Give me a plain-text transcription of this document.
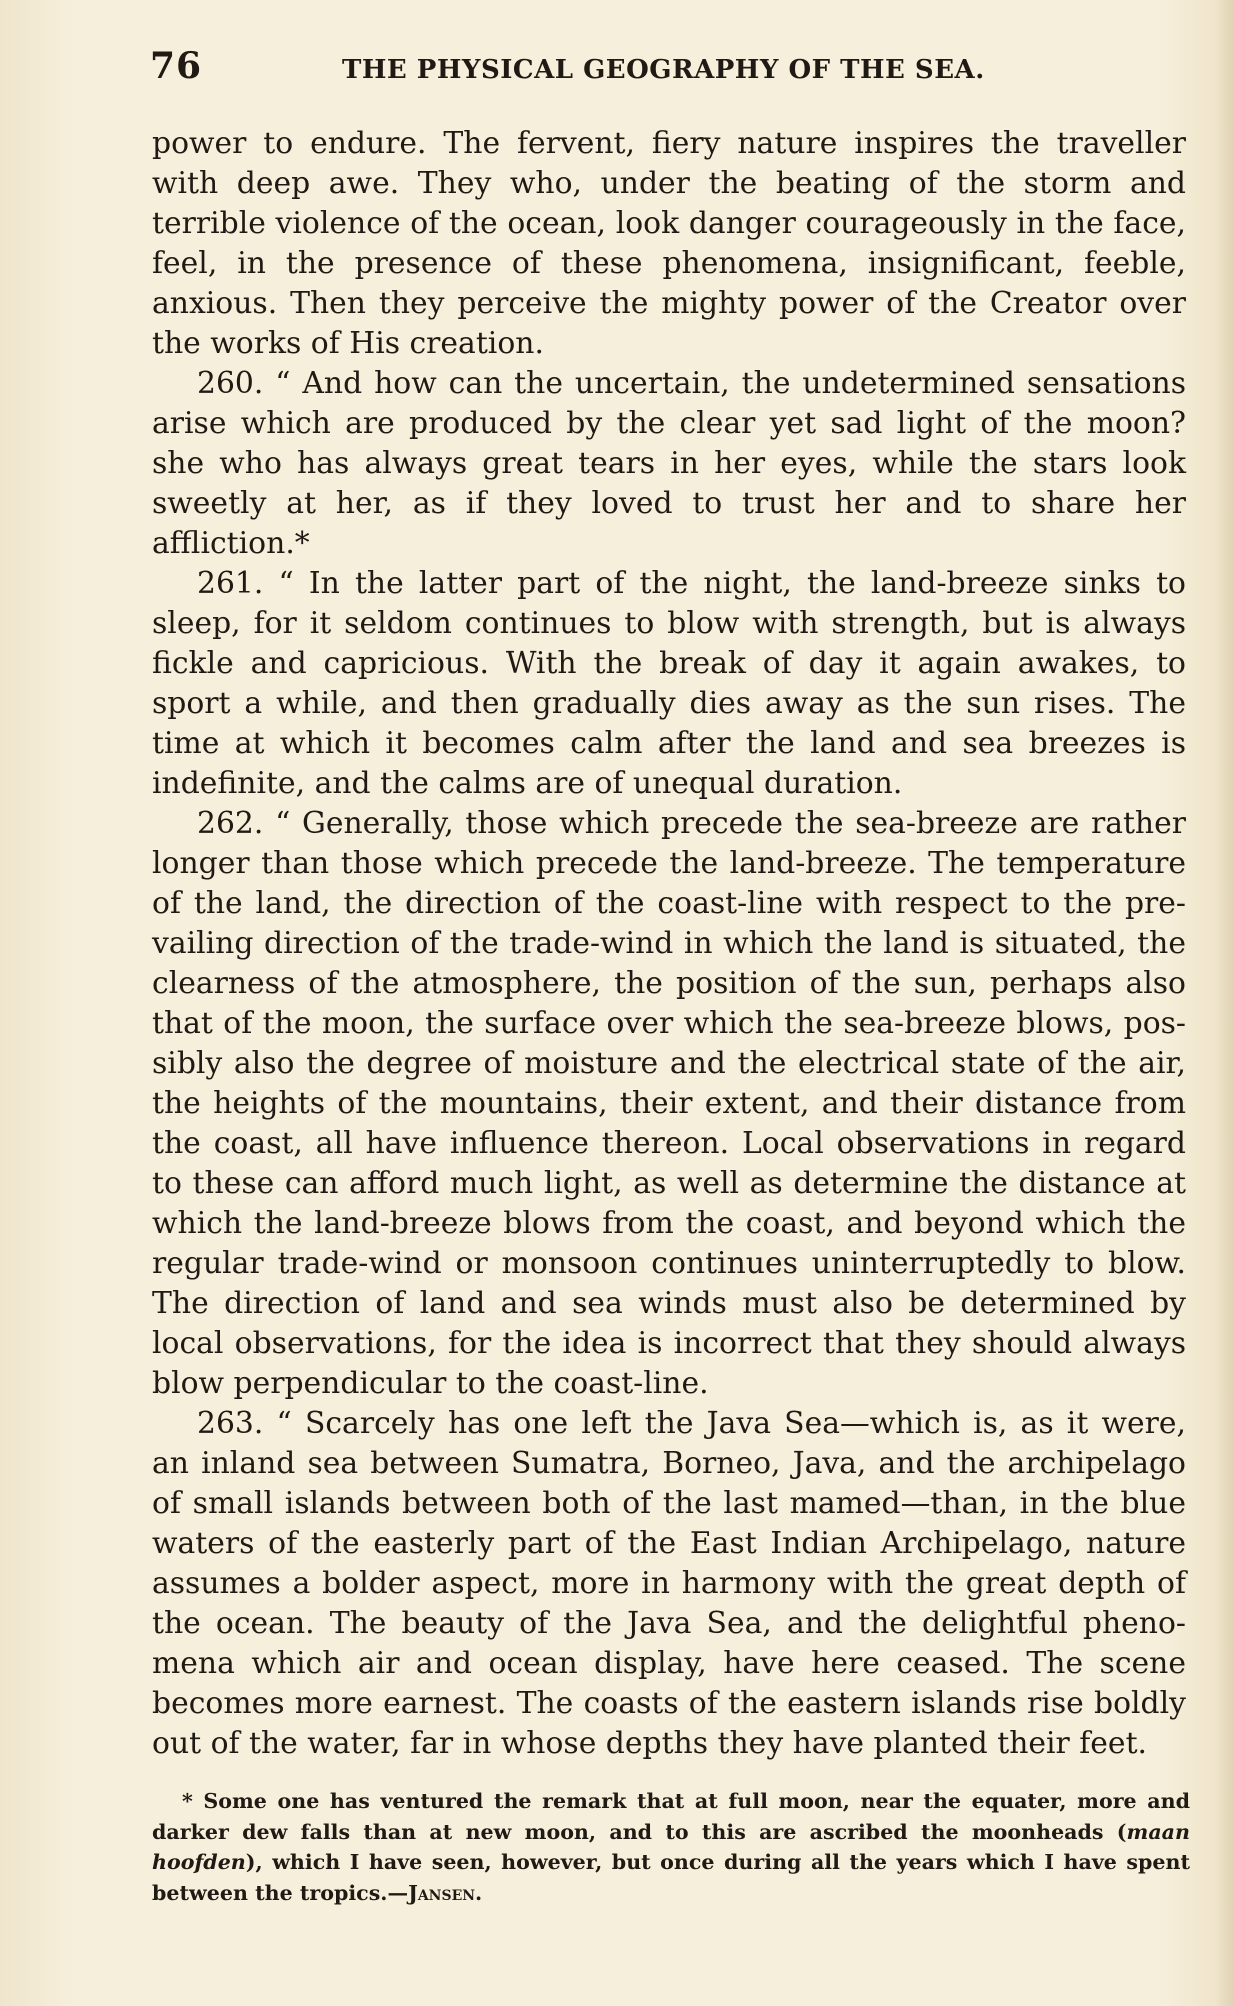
76	THE PHYSICAL GEOGRAPHY OF THE SEA.

power to endure. The fervent, fiery nature inspires the traveller with deep awe. They who, under the beating of the storm and terrible violence of the ocean, look danger courageously in the face, feel, in the presence of these phenomena, insignificant, feeble, anxious. Then they perceive the mighty power of the Creator over the works of His creation.

260. “ And how can the uncertain, the undetermined sensations arise which are produced by the clear yet sad light of the moon? she who has always great tears in her eyes, while the stars look sweetly at her, as if they loved to trust her and to share her affliction.*

261. “ In the latter part of the night, the land-breeze sinks to sleep, for it seldom continues to blow with strength, but is always fickle and capricious. With the break of day it again awakes, to sport a while, and then gradually dies away as the sun rises. The time at which it becomes calm after the land and sea breezes is indefinite, and the calms are of unequal duration.

262. “ Generally, those which precede the sea-breeze are rather longer than those which precede the land-breeze. The temperature of the land, the direction of the coast-line with respect to the pre-vailing direction of the trade-wind in which the land is situated, the clearness of the atmosphere, the position of the sun, perhaps also that of the moon, the surface over which the sea-breeze blows, pos-sibly also the degree of moisture and the electrical state of the air, the heights of the mountains, their extent, and their distance from the coast, all have influence thereon. Local observations in regard to these can afford much light, as well as determine the distance at which the land-breeze blows from the coast, and beyond which the regular trade-wind or monsoon continues uninterruptedly to blow. The direction of land and sea winds must also be determined by local observations, for the idea is incorrect that they should always blow perpendicular to the coast-line.

263. “ Scarcely has one left the Java Sea—which is, as it were, an inland sea between Sumatra, Borneo, Java, and the archipelago of small islands between both of the last mamed—than, in the blue waters of the easterly part of the East Indian Archipelago, nature assumes a bolder aspect, more in harmony with the great depth of the ocean. The beauty of the Java Sea, and the delightful pheno-mena which air and ocean display, have here ceased. The scene becomes more earnest. The coasts of the eastern islands rise boldly out of the water, far in whose depths they have planted their feet.

* Some one has ventured the remark that at full moon, near the equater, more and darker dew falls than at new moon, and to this are ascribed the moonheads (maan hoofden), which I have seen, however, but once during all the years which I have spent between the tropics.—Jansen.
